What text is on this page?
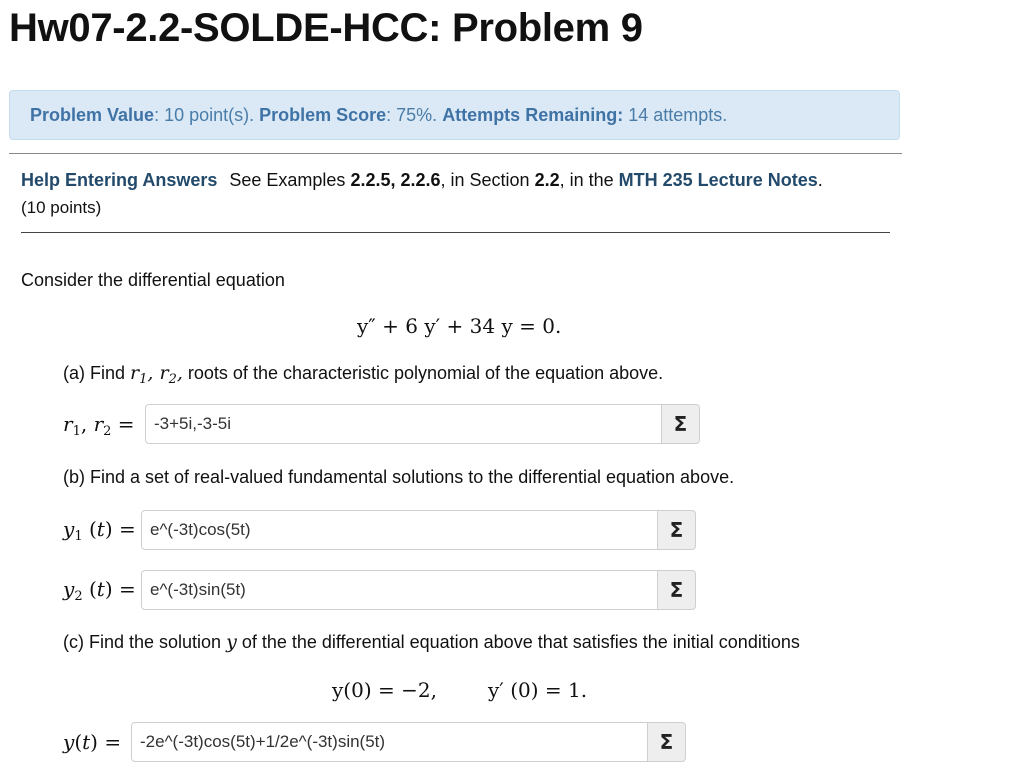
Hw07-2.2-SOLDE-HCC: Problem 9
Problem Value: 10 point(s). Problem Score: 75%. Attempts Remaining: 14 attempts.
Help Entering Answers See Examples 2.2.5, 2.2.6, in Section 2.2, in the MTH 235 Lecture Notes.
(10 points)
Consider the differential equation
y″ + 6 y′ + 34 y = 0.
(a) Find $r_1$, $r_2$, roots of the characteristic polynomial of the equation above.
$r_1$, $r_2$ =	-3+5i,-3-5i	Σ
(b) Find a set of real-valued fundamental solutions to the differential equation above.
$y_1$ (t) = e^(-3t)cos(5t)	Σ
$y_2$ (t) = e^(-3t)sin(5t)	Σ
(c) Find the solution y of the the differential equation above that satisfies the initial conditions
y(0) = −2,	y′ (0) = 1.
y(t) =	-2e^(-3t)cos(5t)+1/2e^(-3t)sin(5t)	Σ
